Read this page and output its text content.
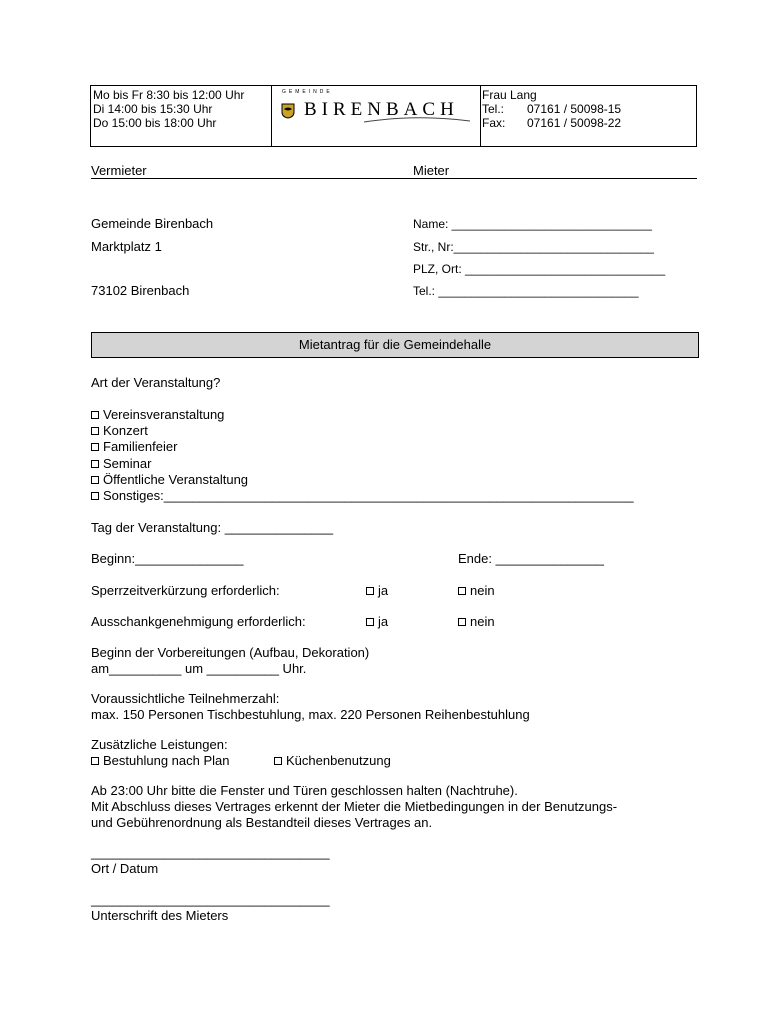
Mo bis Fr 8:30 bis 12:00 Uhr
Di 14:00 bis 15:30 Uhr
Do 15:00 bis 18:00 Uhr
GEMEINDE
BIRENBACH
Frau Lang
Tel.: 07161 / 50098-15
Fax: 07161 / 50098-22
Vermieter	Mieter
Gemeinde Birenbach
Marktplatz 1
73102 Birenbach
Name: ______________________________
Str., Nr:______________________________
PLZ, Ort: ______________________________
Tel.: ______________________________
Mietantrag für die Gemeindehalle
Art der Veranstaltung?
Vereinsveranstaltung
Konzert
Familienfeier
Seminar
Öffentliche Veranstaltung
Sonstiges:_________________________________________________________________
Tag der Veranstaltung: _______________
Beginn:_______________	Ende: _______________
Sperrzeitverkürzung erforderlich:	ja	nein
Ausschankgenehmigung erforderlich:	ja	nein
Beginn der Vorbereitungen (Aufbau, Dekoration)
am__________ um __________ Uhr.
Voraussichtliche Teilnehmerzahl:
max. 150 Personen Tischbestuhlung, max. 220 Personen Reihenbestuhlung
Zusätzliche Leistungen:
Bestuhlung nach Plan	Küchenbenutzung
Ab 23:00 Uhr bitte die Fenster und Türen geschlossen halten (Nachtruhe).
Mit Abschluss dieses Vertrages erkennt der Mieter die Mietbedingungen in der Benutzungs-
und Gebührenordnung als Bestandteil dieses Vertrages an.
_________________________________
Ort / Datum
_________________________________
Unterschrift des Mieters
